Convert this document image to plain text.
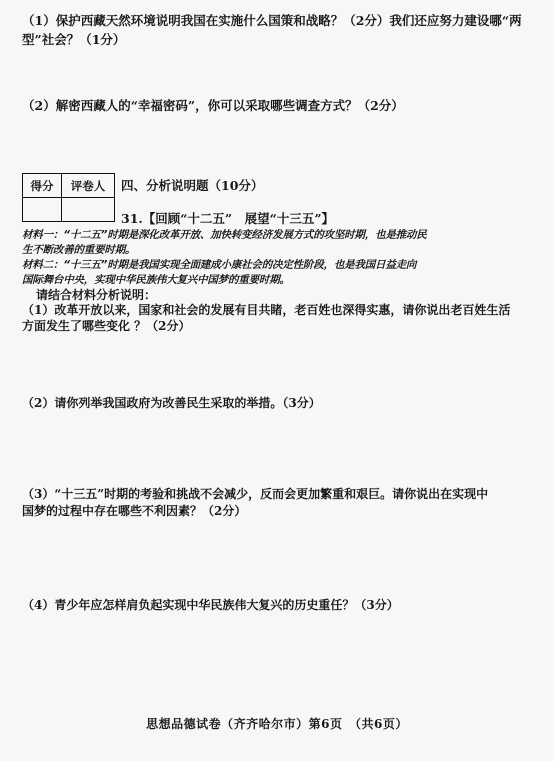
（1）保护西藏天然环境说明我国在实施什么国策和战略？（2分）我们还应努力建设哪“两
型”社会？（1分）
（2）解密西藏人的“幸福密码”，你可以采取哪些调查方式？（2分）
得分	评卷人
	四、分析说明题（10分）
31.【回顾“十二五”　展望“十三五”】
材料一：“十二五”时期是深化改革开放、加快转变经济发展方式的攻坚时期，也是推动民
生不断改善的重要时期。
材料二：“十三五”时期是我国实现全面建成小康社会的决定性阶段，也是我国日益走向
国际舞台中央，实现中华民族伟大复兴中国梦的重要时期。
请结合材料分析说明：
（1）改革开放以来，国家和社会的发展有目共睹，老百姓也深得实惠，请你说出老百姓生活
方面发生了哪些变化 ？（2分）
（2）请你列举我国政府为改善民生采取的举措。（3分）
（3）“十三五”时期的考验和挑战不会减少，反而会更加繁重和艰巨。请你说出在实现中
国梦的过程中存在哪些不利因素？（2分）
（4）青少年应怎样肩负起实现中华民族伟大复兴的历史重任？（3分）
思想品德试卷（齐齐哈尔市）第6页　（共6页）
